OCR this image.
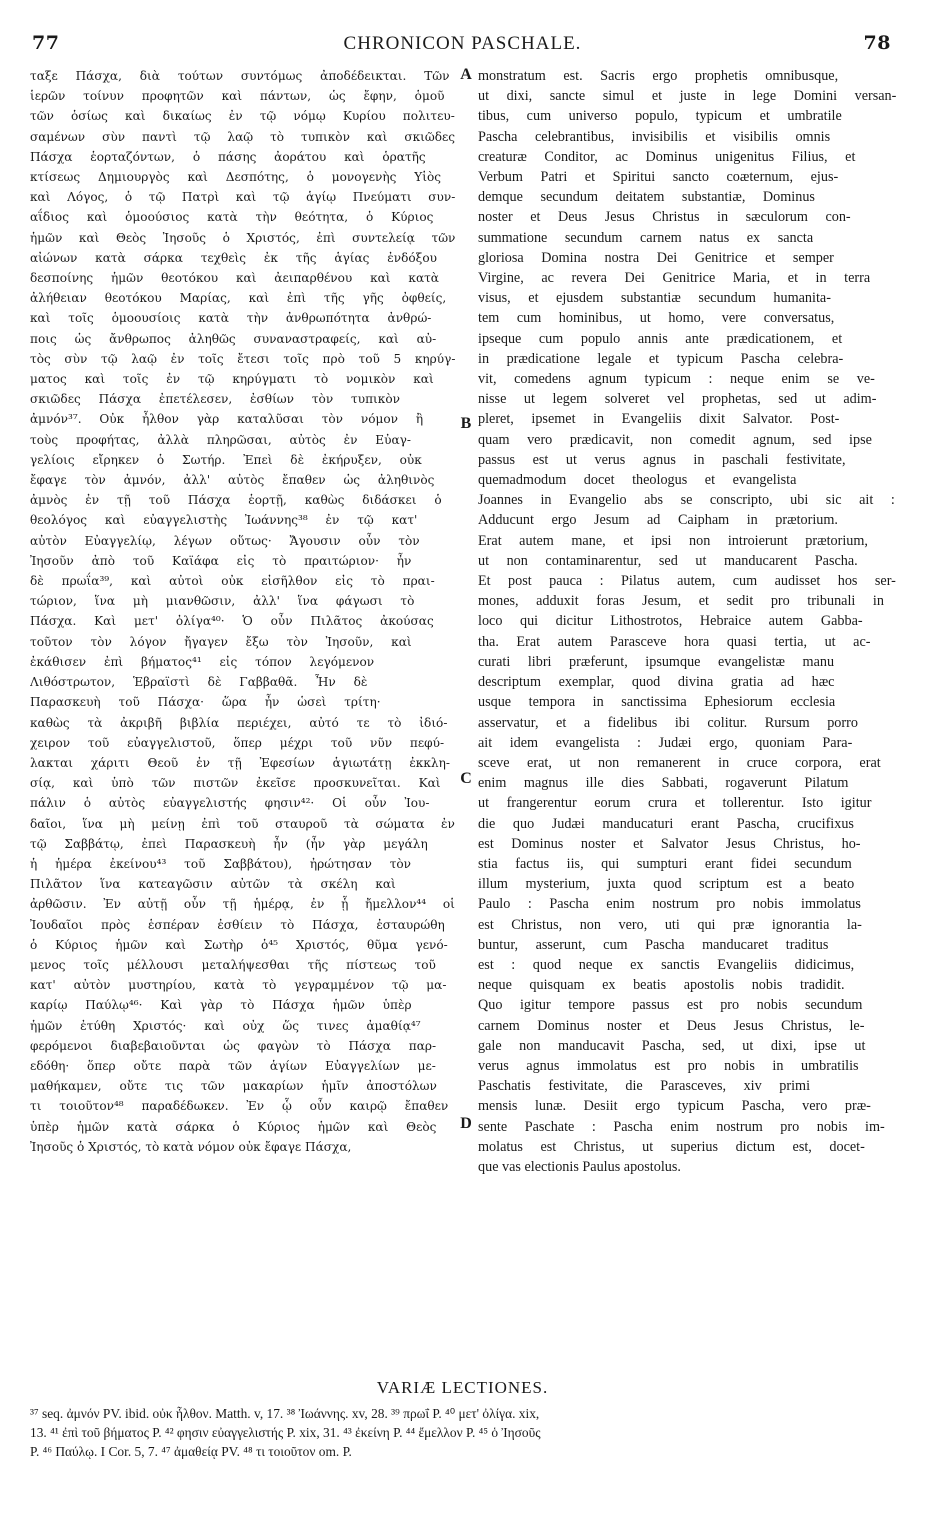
77	CHRONICON PASCHALE.	78
ταξε Πάσχα, διὰ τούτων συντόμως ἀποδέδεικται. Τῶν
ἱερῶν τοίνυν προφητῶν καὶ πάντων, ὡς ἔφην, ὁμοῦ
τῶν ὁσίως καὶ δικαίως ἐν τῷ νόμῳ Κυρίου πολιτευ-
σαμένων σὺν παντὶ τῷ λαῷ τὸ τυπικὸν καὶ σκιῶδες
Πάσχα ἑορταζόντων, ὁ πάσης ἀοράτου καὶ ὁρατῆς
κτίσεως Δημιουργὸς καὶ Δεσπότης, ὁ μονογενὴς Υἱὸς
καὶ Λόγος, ὁ τῷ Πατρὶ καὶ τῷ ἁγίῳ Πνεύματι συν-
αΐδιος καὶ ὁμοούσιος κατὰ τὴν θεότητα, ὁ Κύριος
ἡμῶν καὶ Θεὸς Ἰησοῦς ὁ Χριστός, ἐπὶ συντελείᾳ τῶν
αἰώνων κατὰ σάρκα τεχθεὶς ἐκ τῆς ἁγίας ἐνδόξου
δεσποίνης ἡμῶν θεοτόκου καὶ ἀειπαρθένου καὶ κατὰ
ἀλήθειαν θεοτόκου Μαρίας, καὶ ἐπὶ τῆς γῆς ὀφθείς,
καὶ τοῖς ὁμοουσίοις κατὰ τὴν ἀνθρωπότητα ἀνθρώ-
ποις ὡς ἄνθρωπος ἀληθῶς συναναστραφείς, καὶ αὐ-
τὸς σὺν τῷ λαῷ ἐν τοῖς ἔτεσι τοῖς πρὸ τοῦ 5 κηρύγ-
ματος καὶ τοῖς ἐν τῷ κηρύγματι τὸ νομικὸν καὶ
σκιῶδες Πάσχα ἐπετέλεσεν, ἐσθίων τὸν τυπικὸν
ἀμνόν³⁷. Οὐκ ἦλθον γὰρ καταλῦσαι τὸν νόμον ἢ
τοὺς προφήτας, ἀλλὰ πληρῶσαι, αὐτὸς ἐν Εὐαγ-
γελίοις εἴρηκεν ὁ Σωτήρ. Ἐπεὶ δὲ ἐκήρυξεν, οὐκ
ἔφαγε τὸν ἀμνόν, ἀλλ' αὐτὸς ἔπαθεν ὡς ἀληθινὸς
ἀμνὸς ἐν τῇ τοῦ Πάσχα ἑορτῇ, καθὼς διδάσκει ὁ
θεολόγος καὶ εὐαγγελιστὴς Ἰωάννης³⁸ ἐν τῷ κατ'
αὐτὸν Εὐαγγελίῳ, λέγων οὕτως· Ἄγουσιν οὖν τὸν
Ἰησοῦν ἀπὸ τοῦ Καϊάφα εἰς τὸ πραιτώριον· ἦν
δὲ πρωΐα³⁹, καὶ αὐτοὶ οὐκ εἰσῆλθον εἰς τὸ πραι-
τώριον, ἵνα μὴ μιανθῶσιν, ἀλλ' ἵνα φάγωσι τὸ
Πάσχα. Καὶ μετ' ὀλίγα⁴⁰· Ὁ οὖν Πιλᾶτος ἀκούσας
τοῦτον τὸν λόγον ἤγαγεν ἔξω τὸν Ἰησοῦν, καὶ
ἐκάθισεν ἐπὶ βήματος⁴¹ εἰς τόπον λεγόμενον
Λιθόστρωτον, Ἑβραϊστὶ δὲ Γαββαθᾶ. Ἦν δὲ
Παρασκευὴ τοῦ Πάσχα· ὥρα ἦν ὡσεὶ τρίτη·
καθὼς τὰ ἀκριβῆ βιβλία περιέχει, αὐτό τε τὸ ἰδιό-
χειρον τοῦ εὐαγγελιστοῦ, ὅπερ μέχρι τοῦ νῦν πεφύ-
λακται χάριτι Θεοῦ ἐν τῇ Ἐφεσίων ἁγιωτάτῃ ἐκκλη-
σίᾳ, καὶ ὑπὸ τῶν πιστῶν ἐκεῖσε προσκυνεῖται. Καὶ
πάλιν ὁ αὐτὸς εὐαγγελιστής φησιν⁴²· Οἱ οὖν Ἰου-
δαῖοι, ἵνα μὴ μείνῃ ἐπὶ τοῦ σταυροῦ τὰ σώματα ἐν
τῷ Σαββάτῳ, ἐπεὶ Παρασκευὴ ἦν (ἦν γὰρ μεγάλη
ἡ ἡμέρα ἐκείνου⁴³ τοῦ Σαββάτου), ἠρώτησαν τὸν
Πιλᾶτον ἵνα κατεαγῶσιν αὐτῶν τὰ σκέλη καὶ
ἀρθῶσιν. Ἐν αὐτῇ οὖν τῇ ἡμέρᾳ, ἐν ᾗ ἤμελλον⁴⁴ οἱ
Ἰουδαῖοι πρὸς ἑσπέραν ἐσθίειν τὸ Πάσχα, ἐσταυρώθη
ὁ Κύριος ἡμῶν καὶ Σωτὴρ ὁ⁴⁵ Χριστός, θῦμα γενό-
μενος τοῖς μέλλουσι μεταλήψεσθαι τῆς πίστεως τοῦ
κατ' αὐτὸν μυστηρίου, κατὰ τὸ γεγραμμένον τῷ μα-
καρίῳ Παύλῳ⁴⁶· Καὶ γὰρ τὸ Πάσχα ἡμῶν ὑπὲρ
ἡμῶν ἐτύθη Χριστός· καὶ οὐχ ὥς τινες ἀμαθίᾳ⁴⁷
φερόμενοι διαβεβαιοῦνται ὡς φαγὼν τὸ Πάσχα παρ-
εδόθη· ὅπερ οὔτε παρὰ τῶν ἁγίων Εὐαγγελίων με-
μαθήκαμεν, οὔτε τις τῶν μακαρίων ἡμῖν ἀποστόλων
τι τοιοῦτον⁴⁸ παραδέδωκεν. Ἐν ᾧ οὖν καιρῷ ἔπαθεν
ὑπὲρ ἡμῶν κατὰ σάρκα ὁ Κύριος ἡμῶν καὶ Θεὸς
Ἰησοῦς ὁ Χριστός, τὸ κατὰ νόμον οὐκ ἔφαγε Πάσχα,
monstratum est. Sacris ergo prophetis omnibusque,
ut dixi, sancte simul et juste in lege Domini versan-
tibus, cum universo populo, typicum et umbratile
Pascha celebrantibus, invisibilis et visibilis omnis
creaturæ Conditor, ac Dominus unigenitus Filius, et
Verbum Patri et Spiritui sancto coæternum, ejus-
demque secundum deitatem substantiæ, Dominus
noster et Deus Jesus Christus in sæculorum con-
summatione secundum carnem natus ex sancta
gloriosa Domina nostra Dei Genitrice et semper
Virgine, ac revera Dei Genitrice Maria, et in terra
visus, et ejusdem substantiæ secundum humanita-
tem cum hominibus, ut homo, vere conversatus,
ipseque cum populo annis ante prædicationem, et
in prædicatione legale et typicum Pascha celebra-
vit, comedens agnum typicum : neque enim se ve-
nisse ut legem solveret vel prophetas, sed ut adim-
pleret, ipsemet in Evangeliis dixit Salvator. Post-
quam vero prædicavit, non comedit agnum, sed ipse
passus est ut verus agnus in paschali festivitate,
quemadmodum docet theologus et evangelista
Joannes in Evangelio abs se conscripto, ubi sic ait :
Adducunt ergo Jesum ad Caipham in prætorium.
Erat autem mane, et ipsi non introierunt prætorium,
ut non contaminarentur, sed ut manducarent Pascha.
Et post pauca : Pilatus autem, cum audisset hos ser-
mones, adduxit foras Jesum, et sedit pro tribunali in
loco qui dicitur Lithostrotos, Hebraice autem Gabba-
tha. Erat autem Parasceve hora quasi tertia, ut ac-
curati libri præferunt, ipsumque evangelistæ manu
descriptum exemplar, quod divina gratia ad hæc
usque tempora in sanctissima Ephesiorum ecclesia
asservatur, et a fidelibus ibi colitur. Rursum porro
ait idem evangelista : Judæi ergo, quoniam Para-
sceve erat, ut non remanerent in cruce corpora, erat
enim magnus ille dies Sabbati, rogaverunt Pilatum
ut frangerentur eorum crura et tollerentur. Isto igitur
die quo Judæi manducaturi erant Pascha, crucifixus
est Dominus noster et Salvator Jesus Christus, ho-
stia factus iis, qui sumpturi erant fidei secundum
illum mysterium, juxta quod scriptum est a beato
Paulo : Pascha enim nostrum pro nobis immolatus
est Christus, non vero, uti qui præ ignorantia la-
buntur, asserunt, cum Pascha manducaret traditus
est : quod neque ex sanctis Evangeliis didicimus,
neque quisquam ex beatis apostolis nobis tradidit.
Quo igitur tempore passus est pro nobis secundum
carnem Dominus noster et Deus Jesus Christus, le-
gale non manducavit Pascha, sed, ut dixi, ipse ut
verus agnus immolatus est pro nobis in umbratilis
Paschatis festivitate, die Parasceves, xiv primi
mensis lunæ. Desiit ergo typicum Pascha, vero præ-
sente Paschate : Pascha enim nostrum pro nobis im-
molatus est Christus, ut superius dictum est, docet-
que vas electionis Paulus apostolus.
A
B
C
D
VARIÆ LECTIONES.
³⁷ seq. ἀμνόν PV. ibid. οὐκ ἦλθον. Matth. v, 17. ³⁸ Ἰωάννης. xv, 28. ³⁹ πρωΐ P. ⁴⁰ μετ' ὀλίγα. xix,
13. ⁴¹ ἐπὶ τοῦ βήματος P. ⁴² φησιν εὐαγγελιστής P. xix, 31. ⁴³ ἐκείνη P. ⁴⁴ ἔμελλον P. ⁴⁵ ὁ Ἰησοῦς
P. ⁴⁶ Παύλῳ. I Cor. 5, 7. ⁴⁷ ἀμαθείᾳ PV. ⁴⁸ τι τοιοῦτον om. P.
